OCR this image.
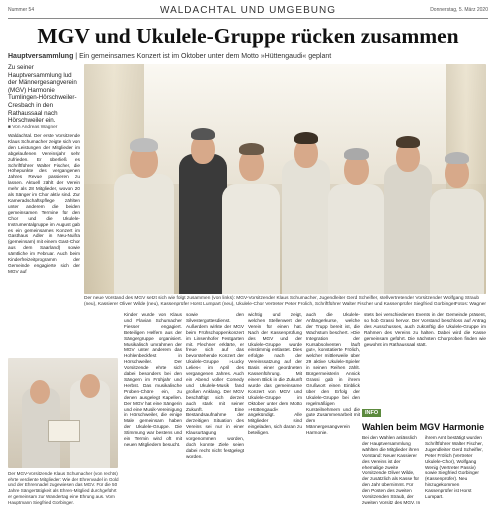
Nummer 54	WALDACHTAL UND UMGEBUNG	Donnerstag, 5. März 2020
MGV und Ukulele-Gruppe rücken zusammen
Hauptversammlung | Ein gemeinsames Konzert ist im Oktober unter dem Motto »Hüttengaudi« geplant
Zu seiner Hauptversammlung lud der Männergesangverein (MGV) Harmonie Tumlingen-Hörschweiler-Cresbach in den Rathaussaal nach Hörschweiler ein.
■ Von Andreas Wagner
Der neue Vorstand des MGV setzt sich wie folgt zusammen (von links): MGV-Vorsitzender Klaus Schumacher, Jugendleiter Gerd Scheifler, stellvertretender Vorsitzender Wolfgang Straub (neu), Kassierer Oliver Wilde (neu), Kassenprüfer Horst Lumpart (neu), Ukulele-Chor Vertreter Peter Frolich, Schriftführer Walter Fischer und Kassenprüfer Siegfried Gorbinger.
Fotos: Wagner

Waldachtal. Der erste Vorsitzende Klaus Schumacher zeigte sich von den Leistungen der Mitglieder im abgelaufenen Vereinsjahr sehr zufrieden. Er überließ es Schriftführer Walter Fischer, die Höhepunkte des vergangenen Jahres Revue passieren zu lassen. Aktuell zählt der Verein mehr als 28 Mitglieder, wovon 20 als Sänger im Chor aktiv sind. Zur Kameradschaftspflege zählten unter anderem die beiden gemeinsamen Termine für den Chor und die Ukulele-Instrumentalgruppe im August gab es ein gemeinsames Konzert im Gasthaus Adler in Neu-Nuifra (gemeinsam) mit einem Gast-Chor aus dem Saarland) sowie sämtliche im Februar. Auch beim Kinderfreizeitprogramm der Gemeinde engagierte sich der MGV auf

Kinder wurde von Klaus und Flavian Schumacher Fiesser engagiert. Beteiligen Helfern aus der Sängergruppe organisiert. Musikalisch umrahmen der MGV unter anderem das Hohlenbeckfest in Hörschweiler. Der Vorsitzende ehrte sich dabei besonders bei den Sängern im Frühjahr und Herbst. Das musikalische Proben-Chöre ein, zu denen ausgelegt Kapellen. Der MGV hat eine Sängerin und eine Musik-Vereinigung in Hörschweiler, die einige Male gemeinsam haben der Ukulele-Gruppe. Die Stimmung war bestens und ein Termin wird oft mit neuen Mitgliedern besucht.

sowie den Silvestergottesdienst. Außerdem wirkte der MGV beim Frühschoppenkonzert im Linsenhofer Festgarten mit. Flechner erklärte, er freue sich auf das bevorstehende Konzert der Ukulele-Gruppe »Lucky Lelies« im April des vergangenen Jahres. Auch ein Abend voller Comedy und Ukulele-Musik fand großen Anklang. Der MGV beschäftigt sich derzeit auch stark mit seiner Zukunft. Eine Bestandsaufnahme der derzeitigen Situation des Vereins sei nur in einer Klausurtagung vorgenommen worden, doch konnte Ziele seien dabei recht nicht festgelegt worden.

wichtig und zeigt, welchen Stellenwert der Verein für einen hat. Nach der Kassenprüfung des MGV und der Ukulele-Gruppe wurde einstimmig entlastet. Dies erfolgte nach der Vereinssatzung auf der Basis einer geordneten Kassenführung. Mit einem Blick in die Zukunft wurde das gemeinsame Konzert von MGV und Ukulele-Gruppe im Oktober unter dem Motto »Hüttengaudi« angekündigt. Alle Mitglieder sind eingeladen, sich daran zu beteiligen.

auch die Ukulele-Anfängerkurse, welche der Trupp bereit ist, die Wachstum beschert. »Die Integration der Kursabsolventen läuft gut«, konstatierte Frölich, welcher mittlerweile über 29 aktive Ukulele-Spieler in seinen Reihen zählt. Bürgermeisterin Annick Grassi gab in ihrem Grußwort einen Einblick über den Erfolg der Ukulele-Gruppe bei den regelmäßigen Kursteilnehmern und die gute Zusammenarbeit mit dem Männergesangverein Harmonie.

stets bei verschiedenen Events in der Gemeinde präsent, so hob Grassi hervor. Der Vorstand beschloss auf Antrag des Ausschusses, auch zukünftig die Ukulele-Gruppe im Rahmen des Vereins zu halten. Dabei wird die Kasse gemeinsam geführt. Die nächsten Chorproben finden wie gewohnt im Rathaussaal statt.

Der MGV-Vorsitzende Klaus Schumacher (von rechts) ehrte verdiente Mitglieder: Wie der Ehrenvadel in Gold und der Ehrennadel zugewiesen das MGV. Für die 50 Jahre Sängertätigkeit als Ehren-Mitglied durchgeführt er gemeinsam zur Wandertag eine Ehrung aus. Vom Hauptmann Siegfried Gorbinger.
INFO
Wahlen beim MGV Harmonie
Bei den Wahlen anlässlich der Hauptversammlung wählten die Mitglieder ihren Vorstand: Neuer Kassierer des Vereins ist der ehemalige zweite Vorsitzende Oliver Wilde, der zusätzlich als Kasse für den Jahr übernimmt. Für den Posten des zweiten Vorsitzenden Straub, der zweiten Vorsitz des MGV. In
ihrem Amt bestätigt wurden Schriftführer Walter Fischer, Jugendleiter Gerd Scheifler, Peter Frölich (Vertreter Ukulele-Chor), Wolfgang Wenig (Vertreter Passiv) sowie Siegfried Gorbinger (Kassenprüfer). Neu hinzugekommen Kassenprüfer ist Horst Lumpart.
